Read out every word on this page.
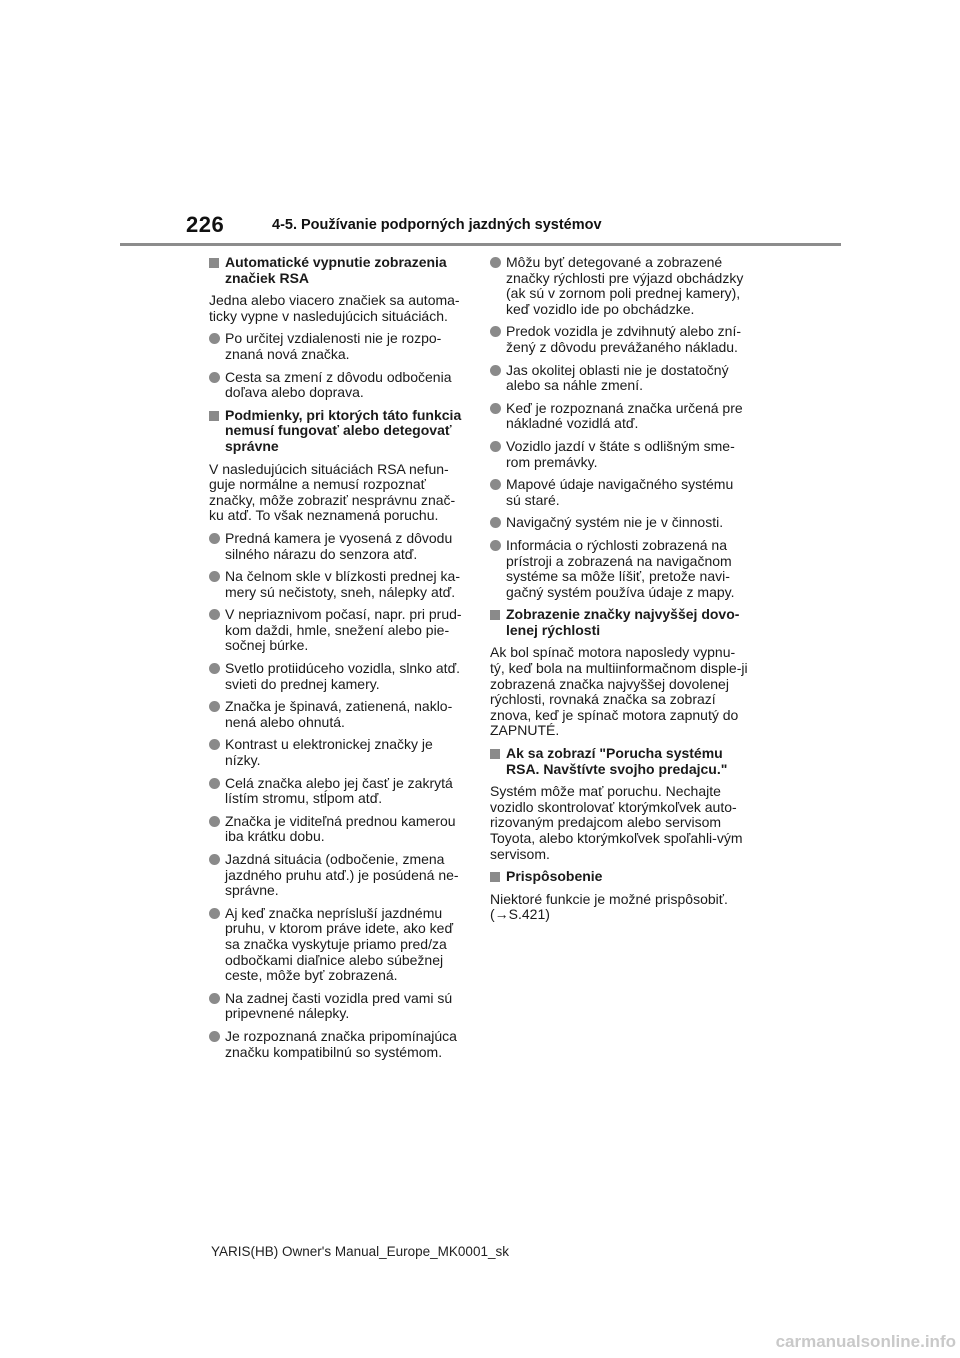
226	4-5. Používanie podporných jazdných systémov
Automatické vypnutie zobrazenia značiek RSA
Jedna alebo viacero značiek sa automa-ticky vypne v nasledujúcich situáciách.
Po určitej vzdialenosti nie je rozpo-znaná nová značka.
Cesta sa zmení z dôvodu odbočenia doľava alebo doprava.
Podmienky, pri ktorých táto funkcia nemusí fungovať alebo detegovať správne
V nasledujúcich situáciách RSA nefun-guje normálne a nemusí rozpoznať značky, môže zobraziť nesprávnu znač-ku atď. To však neznamená poruchu.
Predná kamera je vyosená z dôvodu silného nárazu do senzora atď.
Na čelnom skle v blízkosti prednej ka-mery sú nečistoty, sneh, nálepky atď.
V nepriaznivom počasí, napr. pri prud-kom daždi, hmle, snežení alebo pie-sočnej búrke.
Svetlo protiidúceho vozidla, slnko atď. svieti do prednej kamery.
Značka je špinavá, zatienená, naklo-nená alebo ohnutá.
Kontrast u elektronickej značky je nízky.
Celá značka alebo jej časť je zakrytá lístím stromu, stĺpom atď.
Značka je viditeľná prednou kamerou iba krátku dobu.
Jazdná situácia (odbočenie, zmena jazdného pruhu atď.) je posúdená ne-správne.
Aj keď značka neprísluší jazdnému pruhu, v ktorom práve idete, ako keď sa značka vyskytuje priamo pred/za odbočkami diaľnice alebo súbežnej ceste, môže byť zobrazená.
Na zadnej časti vozidla pred vami sú pripevnené nálepky.
Je rozpoznaná značka pripomínajúca značku kompatibilnú so systémom.
Môžu byť detegované a zobrazené značky rýchlosti pre výjazd obchádzky (ak sú v zornom poli prednej kamery), keď vozidlo ide po obchádzke.
Predok vozidla je zdvihnutý alebo zní-žený z dôvodu prevážaného nákladu.
Jas okolitej oblasti nie je dostatočný alebo sa náhle zmení.
Keď je rozpoznaná značka určená pre nákladné vozidlá atď.
Vozidlo jazdí v štáte s odlišným sme-rom premávky.
Mapové údaje navigačného systému sú staré.
Navigačný systém nie je v činnosti.
Informácia o rýchlosti zobrazená na prístroji a zobrazená na navigačnom systéme sa môže líšiť, pretože navi-gačný systém používa údaje z mapy.
Zobrazenie značky najvyššej dovo-lenej rýchlosti
Ak bol spínač motora naposledy vypnu-tý, keď bola na multiinformačnom disple-ji zobrazená značka najvyššej dovolenej rýchlosti, rovnaká značka sa zobrazí znova, keď je spínač motora zapnutý do ZAPNUTÉ.
Ak sa zobrazí "Porucha systému RSA. Navštívte svojho predajcu."
Systém môže mať poruchu. Nechajte vozidlo skontrolovať ktorýmkoľvek auto-rizovaným predajcom alebo servisom Toyota, alebo ktorýmkoľvek spoľahli-vým servisom.
Prispôsobenie
Niektoré funkcie je možné prispôsobiť. (→S.421)
YARIS(HB) Owner's Manual_Europe_MK0001_sk
carmanualsonline.info
